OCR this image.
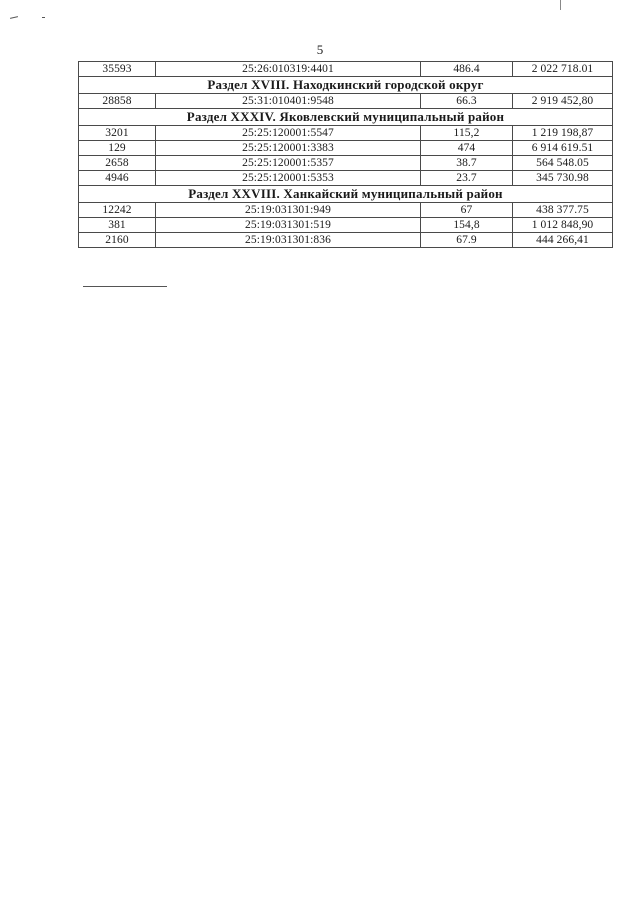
5
35593	25:26:010319:4401	486.4	2 022 718.01
Раздел XVIII. Находкинский городской округ			
28858	25:31:010401:9548	66.3	2 919 452,80
Раздел XXXIV. Яковлевский муниципальный район			
3201	25:25:120001:5547	115,2	1 219 198,87
129	25:25:120001:3383	474	6 914 619.51
2658	25:25:120001:5357	38.7	564 548.05
4946	25:25:120001:5353	23.7	345 730.98
Раздел XXVIII. Ханкайский муниципальный район			
12242	25:19:031301:949	67	438 377.75
381	25:19:031301:519	154,8	1 012 848,90
2160	25:19:031301:836	67.9	444 266,41
